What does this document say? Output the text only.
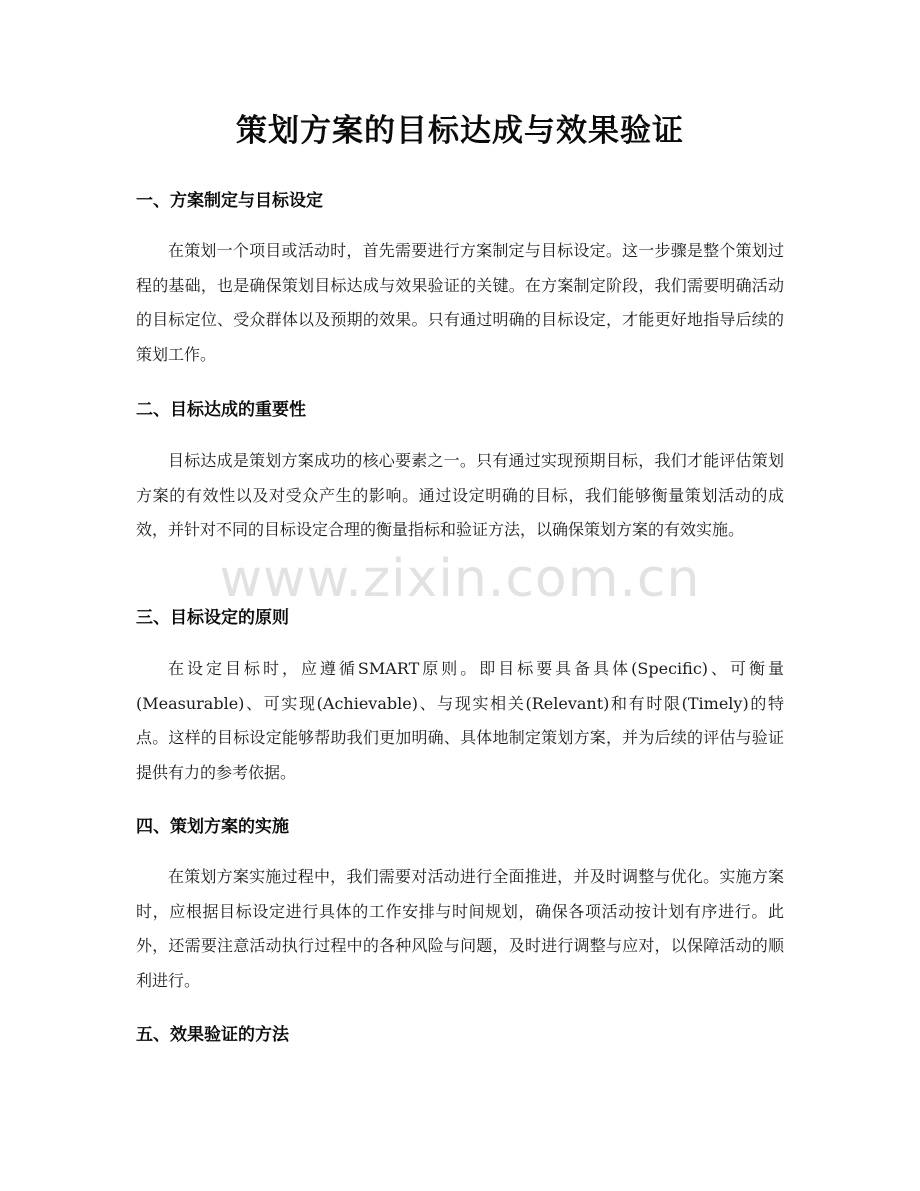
策划方案的目标达成与效果验证
一、方案制定与目标设定

在策划一个项目或活动时，首先需要进行方案制定与目标设定。这一步骤是整个策划过程的基础，也是确保策划目标达成与效果验证的关键。在方案制定阶段，我们需要明确活动的目标定位、受众群体以及预期的效果。只有通过明确的目标设定，才能更好地指导后续的策划工作。

二、目标达成的重要性

目标达成是策划方案成功的核心要素之一。只有通过实现预期目标，我们才能评估策划方案的有效性以及对受众产生的影响。通过设定明确的目标，我们能够衡量策划活动的成效，并针对不同的目标设定合理的衡量指标和验证方法，以确保策划方案的有效实施。

三、目标设定的原则

在设定目标时，应遵循SMART原则。即目标要具备具体(Specific)、可衡量(Measurable)、可实现(Achievable)、与现实相关(Relevant)和有时限(Timely)的特点。这样的目标设定能够帮助我们更加明确、具体地制定策划方案，并为后续的评估与验证提供有力的参考依据。

四、策划方案的实施

在策划方案实施过程中，我们需要对活动进行全面推进，并及时调整与优化。实施方案时，应根据目标设定进行具体的工作安排与时间规划，确保各项活动按计划有序进行。此外，还需要注意活动执行过程中的各种风险与问题，及时进行调整与应对，以保障活动的顺利进行。

五、效果验证的方法
www.zixin.com.cn
